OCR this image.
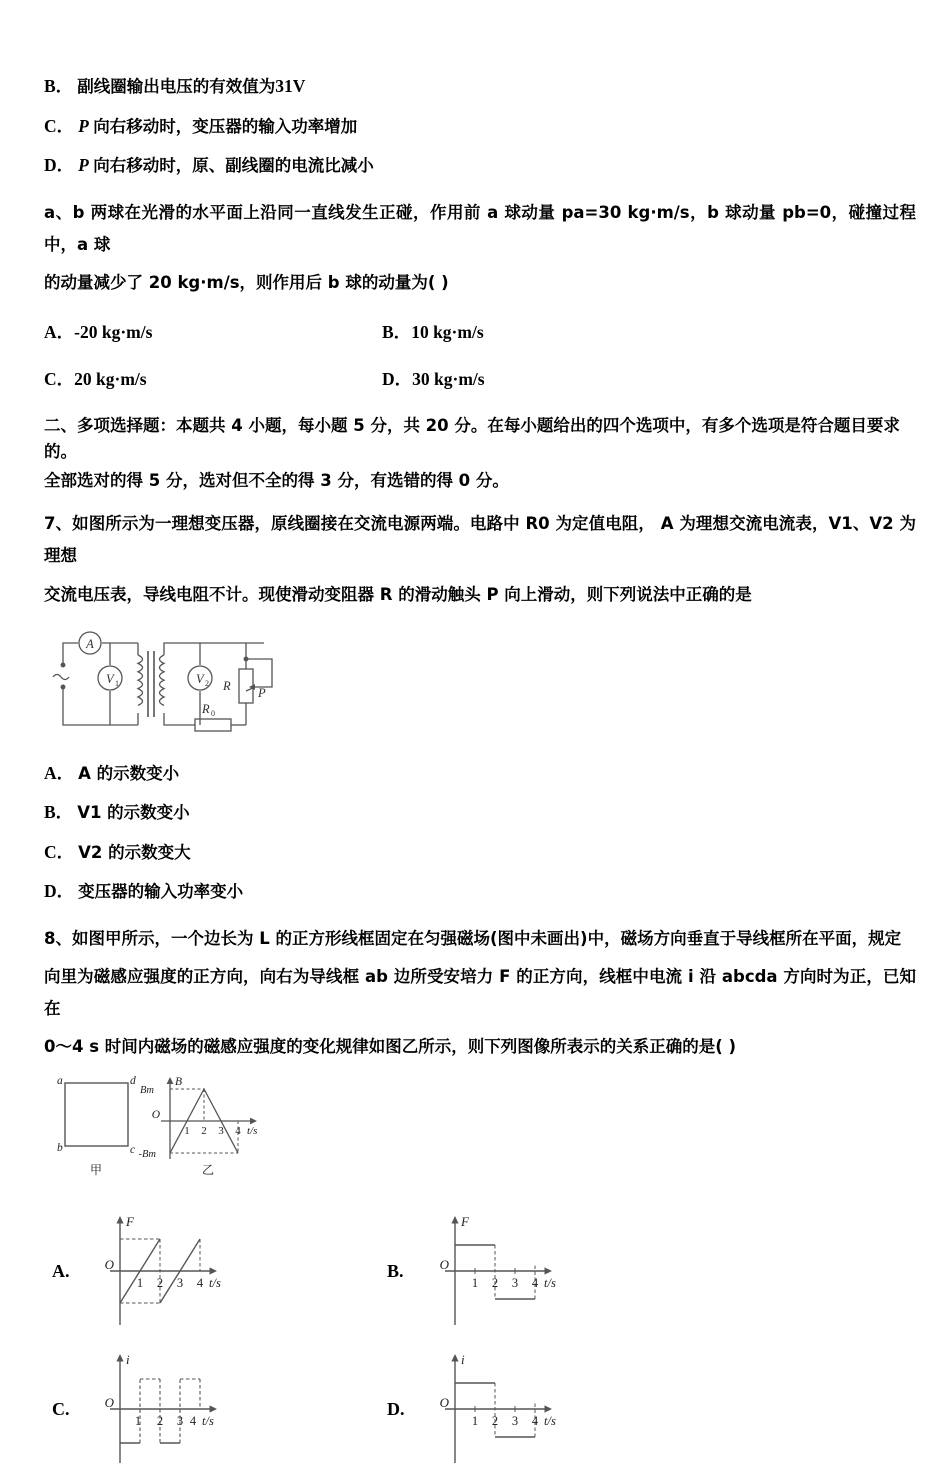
B． 副线圈输出电压的有效值为31V
C． P 向右移动时，变压器的输入功率增加
D． P 向右移动时，原、副线圈的电流比减小
a、b 两球在光滑的水平面上沿同一直线发生正碰，作用前 a 球动量 pa=30 kg·m/s，b 球动量 pb=0，碰撞过程中，a 球
的动量减少了 20 kg·m/s，则作用后 b 球的动量为( )
A．-20 kg·m/s	B．10 kg·m/s
C．20 kg·m/s	D．30 kg·m/s
二、多项选择题：本题共 4 小题，每小题 5 分，共 20 分。在每小题给出的四个选项中，有多个选项是符合题目要求的。
全部选对的得 5 分，选对但不全的得 3 分，有选错的得 0 分。
7、如图所示为一理想变压器，原线圈接在交流电源两端。电路中 R0 为定值电阻， A 为理想交流电流表，V1、V2 为理想
交流电压表，导线电阻不计。现使滑动变阻器 R 的滑动触头 P 向上滑动，则下列说法中正确的是
A
V 1	V 2 R P
R 0
A． A 的示数变小
B． V1 的示数变小
C． V2 的示数变大
D． 变压器的输入功率变小
8、如图甲所示，一个边长为 L 的正方形线框固定在匀强磁场(图中未画出)中，磁场方向垂直于导线框所在平面，规定
向里为磁感应强度的正方向，向右为导线框 ab 边所受安培力 F 的正方向，线框中电流 i 沿 abcda 方向时为正，已知在
0～4 s 时间内磁场的磁感应强度的变化规律如图乙所示，则下列图像所表示的关系正确的是( )
a	d
b	c
甲
Bm
-Bm
B
O
1 2 3 4 t/s
乙
A.
F
O
1 2 3 4 t/s
B.
F
O
1 2 3 4 t/s
C.
i
O
1 2 3 4 t/s
D.
i
O
1 2 3 4 t/s
